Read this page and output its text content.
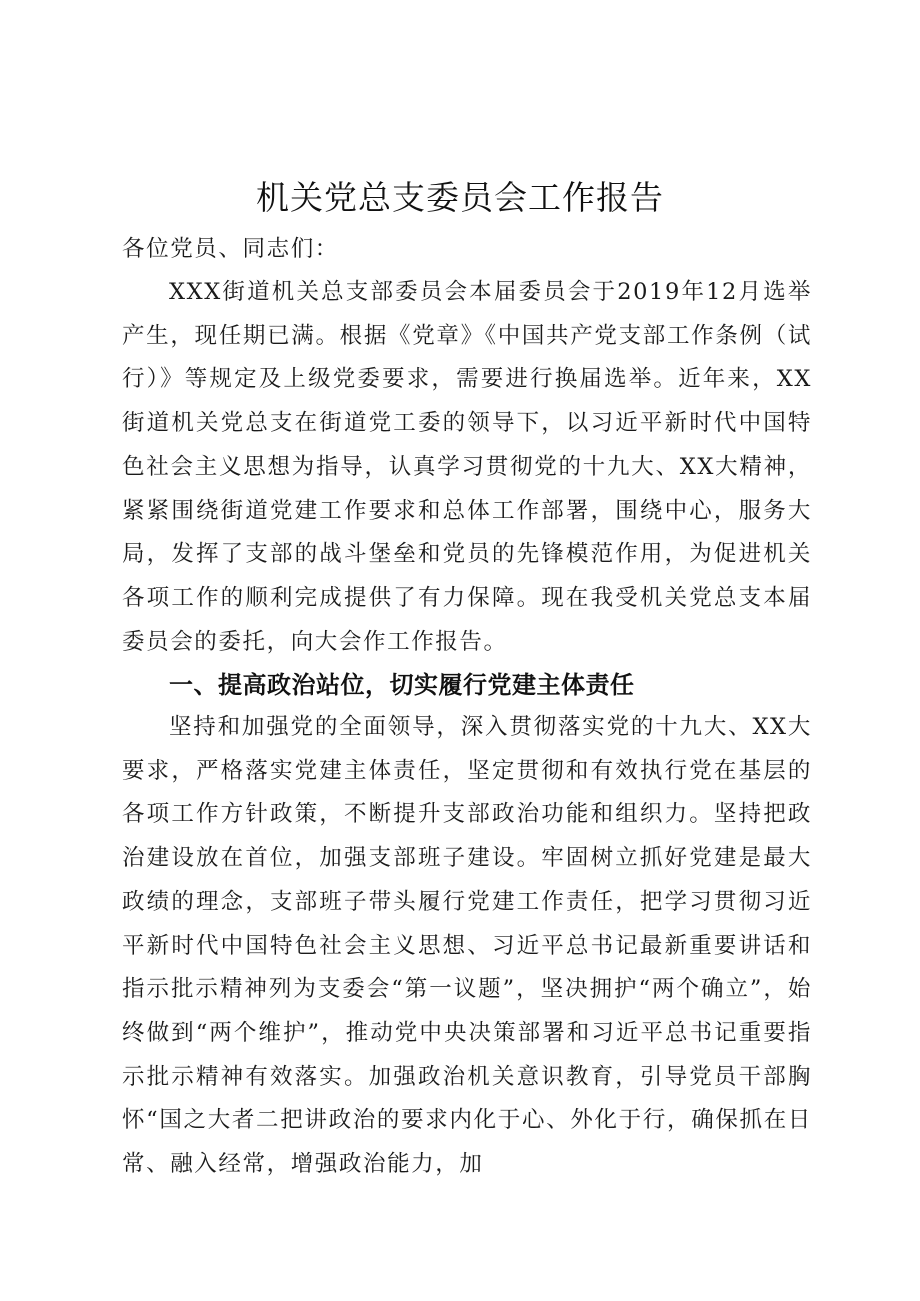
机关党总支委员会工作报告

各位党员、同志们：

XXX街道机关总支部委员会本届委员会于2019年12月选举产生，现任期已满。根据《党章》《中国共产党支部工作条例（试行）》等规定及上级党委要求，需要进行换届选举。近年来，XX街道机关党总支在街道党工委的领导下，以习近平新时代中国特色社会主义思想为指导，认真学习贯彻党的十九大、XX大精神，紧紧围绕街道党建工作要求和总体工作部署，围绕中心，服务大局，发挥了支部的战斗堡垒和党员的先锋模范作用，为促进机关各项工作的顺利完成提供了有力保障。现在我受机关党总支本届委员会的委托，向大会作工作报告。

一、提高政治站位，切实履行党建主体责任

坚持和加强党的全面领导，深入贯彻落实党的十九大、XX大要求，严格落实党建主体责任，坚定贯彻和有效执行党在基层的各项工作方针政策，不断提升支部政治功能和组织力。坚持把政治建设放在首位，加强支部班子建设。牢固树立抓好党建是最大政绩的理念，支部班子带头履行党建工作责任，把学习贯彻习近平新时代中国特色社会主义思想、习近平总书记最新重要讲话和指示批示精神列为支委会“第一议题”，坚决拥护“两个确立”，始终做到“两个维护”，推动党中央决策部署和习近平总书记重要指示批示精神有效落实。加强政治机关意识教育，引导党员干部胸怀“国之大者二把讲政治的要求内化于心、外化于行，确保抓在日常、融入经常，增强政治能力，加
